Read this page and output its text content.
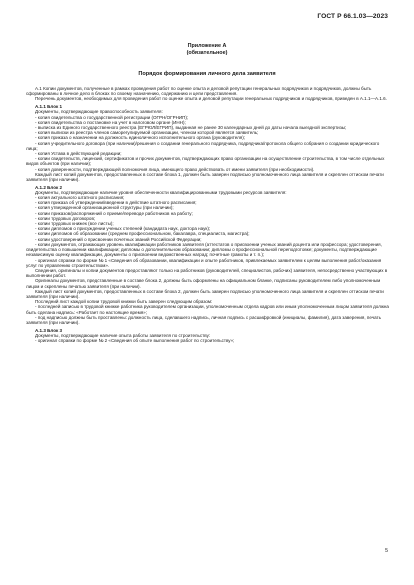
ГОСТ Р 66.1.03—2023
Приложение А
(обязательное)
Порядок формирования личного дела заявителя

А.1 Копии документов, полученные в рамках проведения работ по оценке опыта и деловой репутации генеральных подрядчиков и подрядчиков, должны быть сформированы в личное дело в блоках по своему назначению, содержанию и цели представления.

Перечень документов, необходимых для проведения работ по оценке опыта и деловой репутации генеральных подрядчиков и подрядчиков, приведен в А.1.1—А.1.6.

А.1.1 Блок 1

Документы, подтверждающие правоспособность заявителя:

- копия свидетельства о государственной регистрации (ОГРН/ОГРНИП);

- копия свидетельства о постановке на учет в налоговом органе (ИНН);

- выписка из Единого государственного реестра (ЕГРЮЛ/ЕГРИП), выданная не ранее 30 календарных дней до даты начала выездной экспертизы;

- копия выписки из реестра членов саморегулируемой организации, членом которой является заявитель;

- копия приказа о назначении на должность единоличного исполнительного органа (руководителя);

- копия учредительного договора (при наличии)/решения о создании генерального подрядчика, подрядчика/протокола общего собрания о создании юридического лица;

- копия Устава в действующей редакции;

- копии свидетельств, лицензий, сертификатов и прочих документов, подтверждающих право организации на осуществление строительства, в том числе отдельных видов объектов (при наличии);

- копия доверенности, подтверждающей полномочия лица, имеющего право действовать от имени заявителя (при необходимости).

Каждый лист копий документов, предоставленных в составе блока 1, должен быть заверен подписью уполномоченного лица заявителя и скреплен оттиском печати заявителя (при наличии).

А.1.2 Блок 2

Документы, подтверждающие наличие уровня обеспеченности квалифицированными трудовыми ресурсов заявителя:

- копия актуального штатного расписания;

- копия приказа об утверждении/введении в действие штатного расписания;

- копия утвержденной организационной структуры (при наличии);

- копии приказов/распоряжений о приеме/переводе работников на работу;

- копии трудовых договоров;

- копии трудовых книжек (все листы);

- копии дипломов о присуждении ученых степеней (кандидата наук, доктора наук);

- копии дипломов об образовании (среднем профессиональном, бакалавра, специалиста, магистра);

- копии удостоверений о присвоении почетных званий Российской Федерации;

- копии документов, отражающих уровень квалификации работников заявителя (аттестатов о присвоении ученых званий доцента или профессора; удостоверения, свидетельства о повышении квалификации; дипломы о дополнительном образовании; дипломы о профессиональной переподготовке; документы, подтверждающие независимую оценку квалификации, документы о присвоении ведомственных наград; почетные грамоты и т. п.);

- оригинал справки по форме № 1 «Сведения об образовании, квалификации и опыте работников, привлекаемых заявителем к целям выполнения работ/оказания услуг по управлению строительством».

Сведения, оригиналы и копии документов предоставляют только на работников (руководителей, специалистов, рабочих) заявителя, непосредственно участвующих в выполнении работ.

Оригиналы документов, представленные в составе блока 2, должны быть оформлены на официальном бланке, подписаны руководителем либо уполномоченным лицом и скреплены печатью заявителя (при наличии).

Каждый лист копий документов, предоставленных в составе блока 2, должен быть заверен подписью уполномоченного лица заявителя и скреплен оттиском печати заявителя (при наличии).

Последний лист каждой копии трудовой книжки быть заверен следующим образом:

- последней записью в трудовой книжке работника руководителем организации, уполномоченным отдела кадров или иным уполномоченным лицом заявителя должна быть сделана надпись: «Работает по настоящее время»;

- под надписью должны быть проставлены: должность лица, сделавшего надпись, личная подпись с расшифровкой (инициалы, фамилия), дата заверения, печать заявителя (при наличии).

А.1.3 Блок 3

Документы, подтверждающие наличие опыта работы заявителя по строительству:

- оригинал справки по форме № 2 «Сведения об опыте выполнения работ по строительству»;

5
